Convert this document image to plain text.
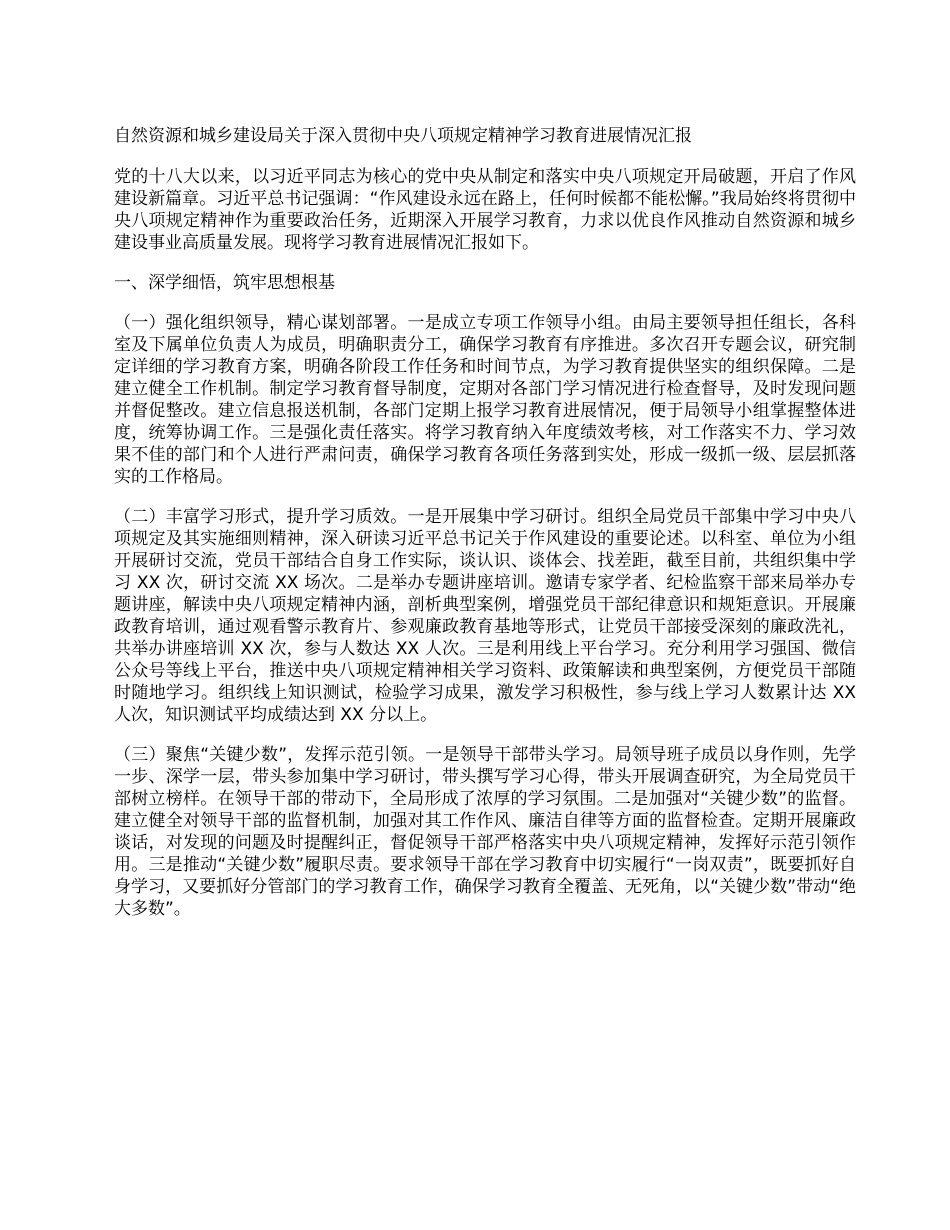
自然资源和城乡建设局关于深入贯彻中央八项规定精神学习教育进展情况汇报

党的十八大以来，以习近平同志为核心的党中央从制定和落实中央八项规定开局破题，开启了作风建设新篇章。习近平总书记强调：“作风建设永远在路上，任何时候都不能松懈。”我局始终将贯彻中央八项规定精神作为重要政治任务，近期深入开展学习教育，力求以优良作风推动自然资源和城乡建设事业高质量发展。现将学习教育进展情况汇报如下。

一、深学细悟，筑牢思想根基

（一）强化组织领导，精心谋划部署。一是成立专项工作领导小组。由局主要领导担任组长，各科室及下属单位负责人为成员，明确职责分工，确保学习教育有序推进。多次召开专题会议，研究制定详细的学习教育方案，明确各阶段工作任务和时间节点，为学习教育提供坚实的组织保障。二是建立健全工作机制。制定学习教育督导制度，定期对各部门学习情况进行检查督导，及时发现问题并督促整改。建立信息报送机制，各部门定期上报学习教育进展情况，便于局领导小组掌握整体进度，统筹协调工作。三是强化责任落实。将学习教育纳入年度绩效考核，对工作落实不力、学习效果不佳的部门和个人进行严肃问责，确保学习教育各项任务落到实处，形成一级抓一级、层层抓落实的工作格局。

（二）丰富学习形式，提升学习质效。一是开展集中学习研讨。组织全局党员干部集中学习中央八项规定及其实施细则精神，深入研读习近平总书记关于作风建设的重要论述。以科室、单位为小组开展研讨交流，党员干部结合自身工作实际，谈认识、谈体会、找差距，截至目前，共组织集中学习 XX 次，研讨交流 XX 场次。二是举办专题讲座培训。邀请专家学者、纪检监察干部来局举办专题讲座，解读中央八项规定精神内涵，剖析典型案例，增强党员干部纪律意识和规矩意识。开展廉政教育培训，通过观看警示教育片、参观廉政教育基地等形式，让党员干部接受深刻的廉政洗礼，共举办讲座培训 XX 次，参与人数达 XX 人次。三是利用线上平台学习。充分利用学习强国、微信公众号等线上平台，推送中央八项规定精神相关学习资料、政策解读和典型案例，方便党员干部随时随地学习。组织线上知识测试，检验学习成果，激发学习积极性，参与线上学习人数累计达 XX 人次，知识测试平均成绩达到 XX 分以上。

（三）聚焦“关键少数”，发挥示范引领。一是领导干部带头学习。局领导班子成员以身作则，先学一步、深学一层，带头参加集中学习研讨，带头撰写学习心得，带头开展调查研究，为全局党员干部树立榜样。在领导干部的带动下，全局形成了浓厚的学习氛围。二是加强对“关键少数”的监督。建立健全对领导干部的监督机制，加强对其工作作风、廉洁自律等方面的监督检查。定期开展廉政谈话，对发现的问题及时提醒纠正，督促领导干部严格落实中央八项规定精神，发挥好示范引领作用。三是推动“关键少数”履职尽责。要求领导干部在学习教育中切实履行“一岗双责”，既要抓好自身学习，又要抓好分管部门的学习教育工作，确保学习教育全覆盖、无死角，以“关键少数”带动“绝大多数”。
